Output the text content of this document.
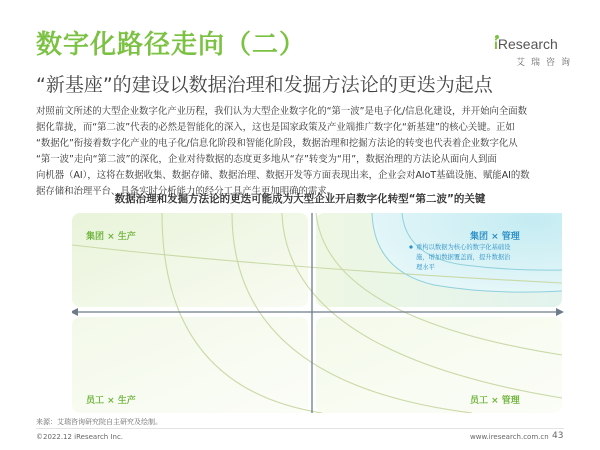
数字化路径走向（二）	iResearch
艾瑞咨询
“新基座”的建设以数据治理和发掘方法论的更迭为起点
对照前文所述的大型企业数字化产业历程，我们认为大型企业数字化的“第一波”是电子化/信息化建设，并开始向全面数
据化靠拢，而“第二波”代表的必然是智能化的深入，这也是国家政策及产业端推广数字化“新基建”的核心关键。正如
“数据化”衔接着数字化产业的电子化/信息化阶段和智能化阶段，数据治理和挖掘方法论的转变也代表着企业数字化从
“第一波”走向“第二波”的深化，企业对待数据的态度更多地从“存”转变为“用”，数据治理的方法论从面向人到面
向机器（AI），这将在数据收集、数据存储、数据治理、数据开发等方面表现出来，企业会对AIoT基础设施、赋能AI的数
据存储和治理平台、具备实时分析能力的经分工具产生更加明确的需求。
数据治理和发掘方法论的更迭可能成为大型企业开启数字化转型“第二波”的关键
集团 × 生产	集团 × 管理
员工 × 生产	员工 × 管理
重构以数据为核心的数字化基础设
施，增加数据覆盖面，提升数据治
理水平
来源：艾瑞咨询研究院自主研究及绘制。
©2022.12 iResearch Inc.	www.iresearch.com.cn 43
